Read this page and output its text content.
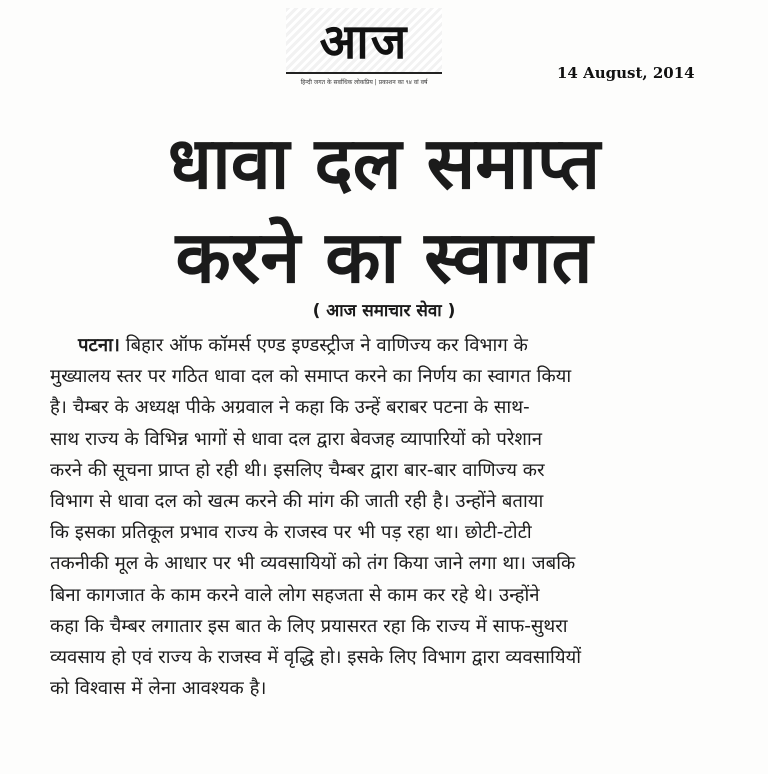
आज
हिन्दी जगत के सर्वाधिक लोकप्रिय | प्रकाशन का ९४ वां वर्ष
14 August, 2014
धावा दल समाप्त
करने का स्वागत
( आज समाचार सेवा )
पटना। बिहार ऑफ कॉमर्स एण्ड इण्डस्ट्रीज ने वाणिज्य कर विभाग के
मुख्यालय स्तर पर गठित धावा दल को समाप्त करने का निर्णय का स्वागत किया
है। चैम्बर के अध्यक्ष पीके अग्रवाल ने कहा कि उन्हें बराबर पटना के साथ-
साथ राज्य के विभिन्न भागों से धावा दल द्वारा बेवजह व्यापारियों को परेशान
करने की सूचना प्राप्त हो रही थी। इसलिए चैम्बर द्वारा बार-बार वाणिज्य कर
विभाग से धावा दल को खत्म करने की मांग की जाती रही है। उन्होंने बताया
कि इसका प्रतिकूल प्रभाव राज्य के राजस्व पर भी पड़ रहा था। छोटी-टोटी
तकनीकी मूल के आधार पर भी व्यवसायियों को तंग किया जाने लगा था। जबकि
बिना कागजात के काम करने वाले लोग सहजता से काम कर रहे थे। उन्होंने
कहा कि चैम्बर लगातार इस बात के लिए प्रयासरत रहा कि राज्य में साफ-सुथरा
व्यवसाय हो एवं राज्य के राजस्व में वृद्धि हो। इसके लिए विभाग द्वारा व्यवसायियों
को विश्वास में लेना आवश्यक है।
